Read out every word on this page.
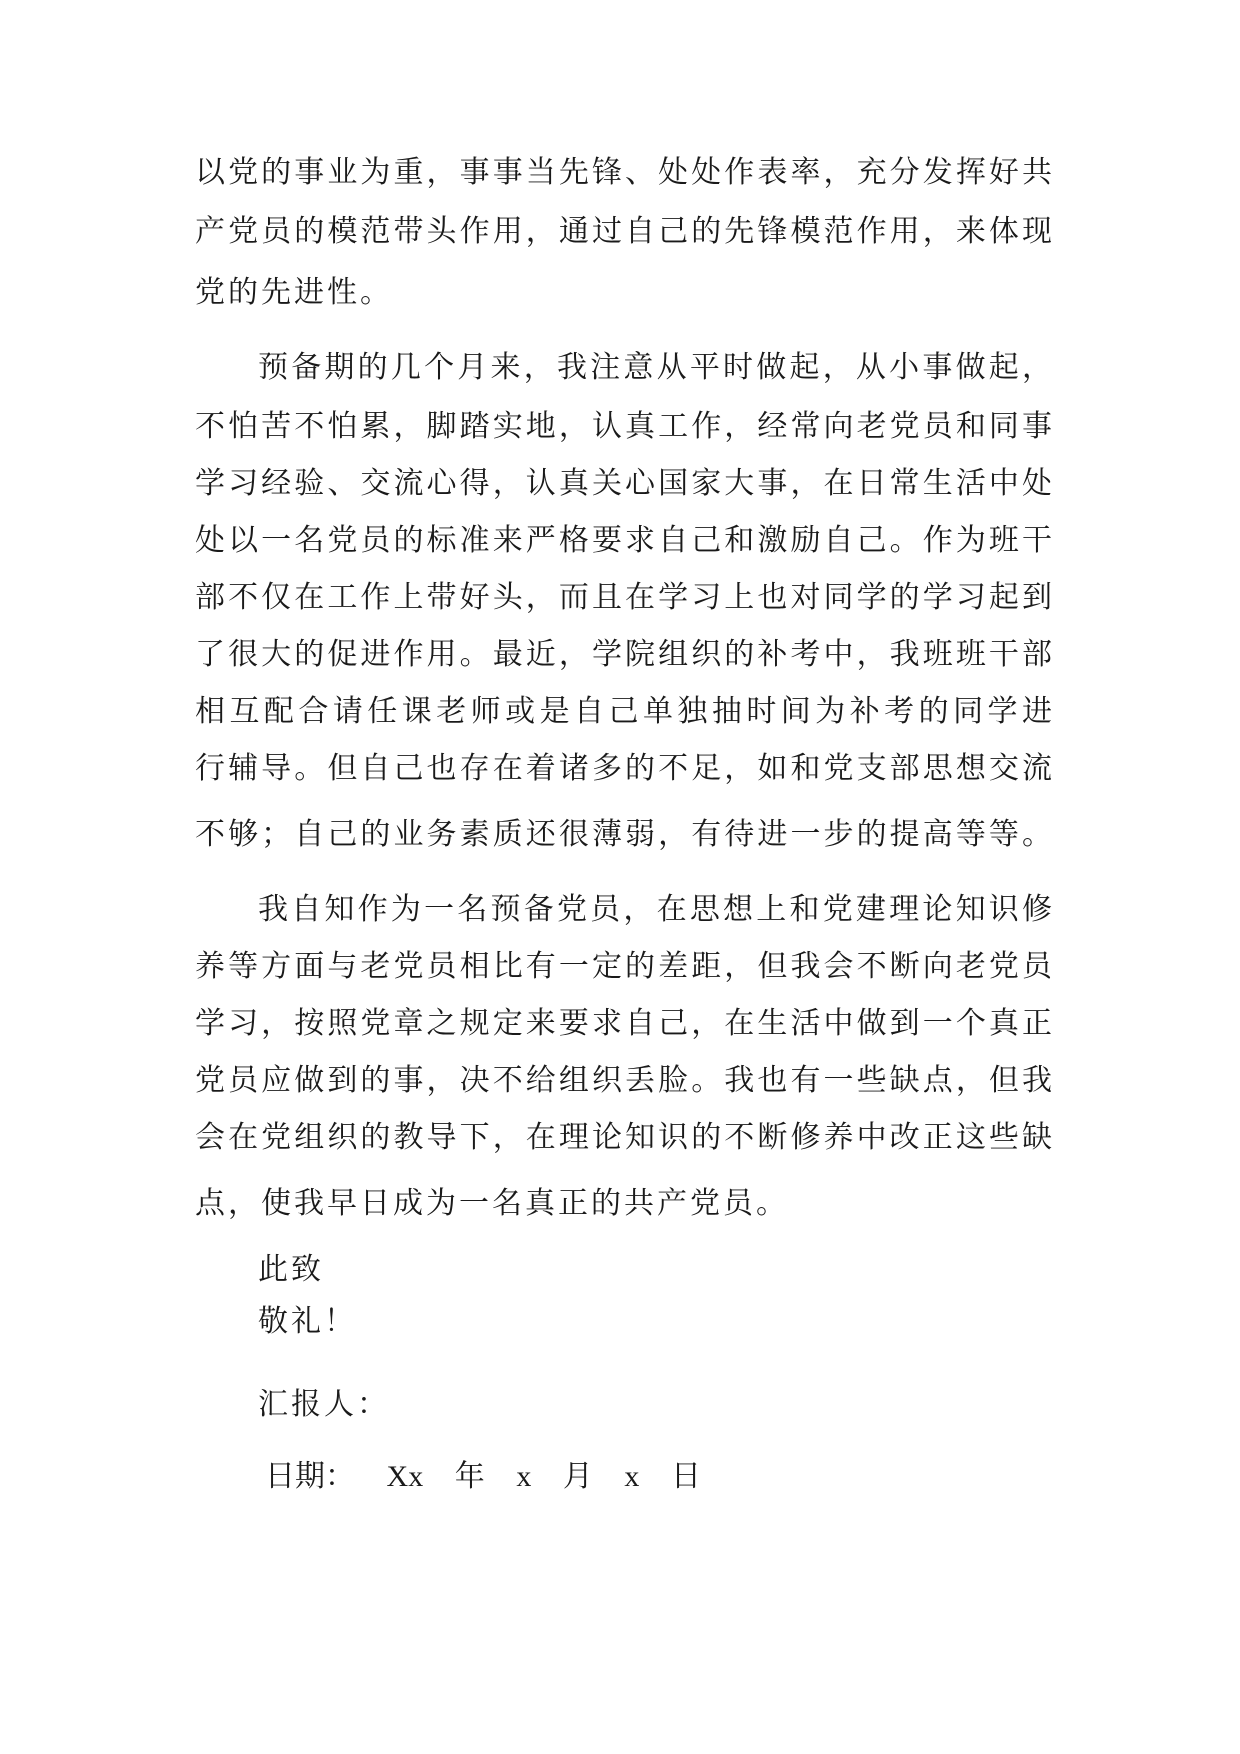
以党的事业为重，事事当先锋、处处作表率，充分发挥好共
产党员的模范带头作用，通过自己的先锋模范作用，来体现
党的先进性。
预备期的几个月来，我注意从平时做起，从小事做起，
不怕苦不怕累，脚踏实地，认真工作，经常向老党员和同事
学习经验、交流心得，认真关心国家大事，在日常生活中处
处以一名党员的标准来严格要求自己和激励自己。作为班干
部不仅在工作上带好头，而且在学习上也对同学的学习起到
了很大的促进作用。最近，学院组织的补考中，我班班干部
相互配合请任课老师或是自己单独抽时间为补考的同学进
行辅导。但自己也存在着诸多的不足，如和党支部思想交流
不够；自己的业务素质还很薄弱，有待进一步的提高等等。
我自知作为一名预备党员，在思想上和党建理论知识修
养等方面与老党员相比有一定的差距，但我会不断向老党员
学习，按照党章之规定来要求自己，在生活中做到一个真正
党员应做到的事，决不给组织丢脸。我也有一些缺点，但我
会在党组织的教导下，在理论知识的不断修养中改正这些缺
点，使我早日成为一名真正的共产党员。
此致
敬礼！
汇报人：
日期： Xx 年 x 月 x 日
